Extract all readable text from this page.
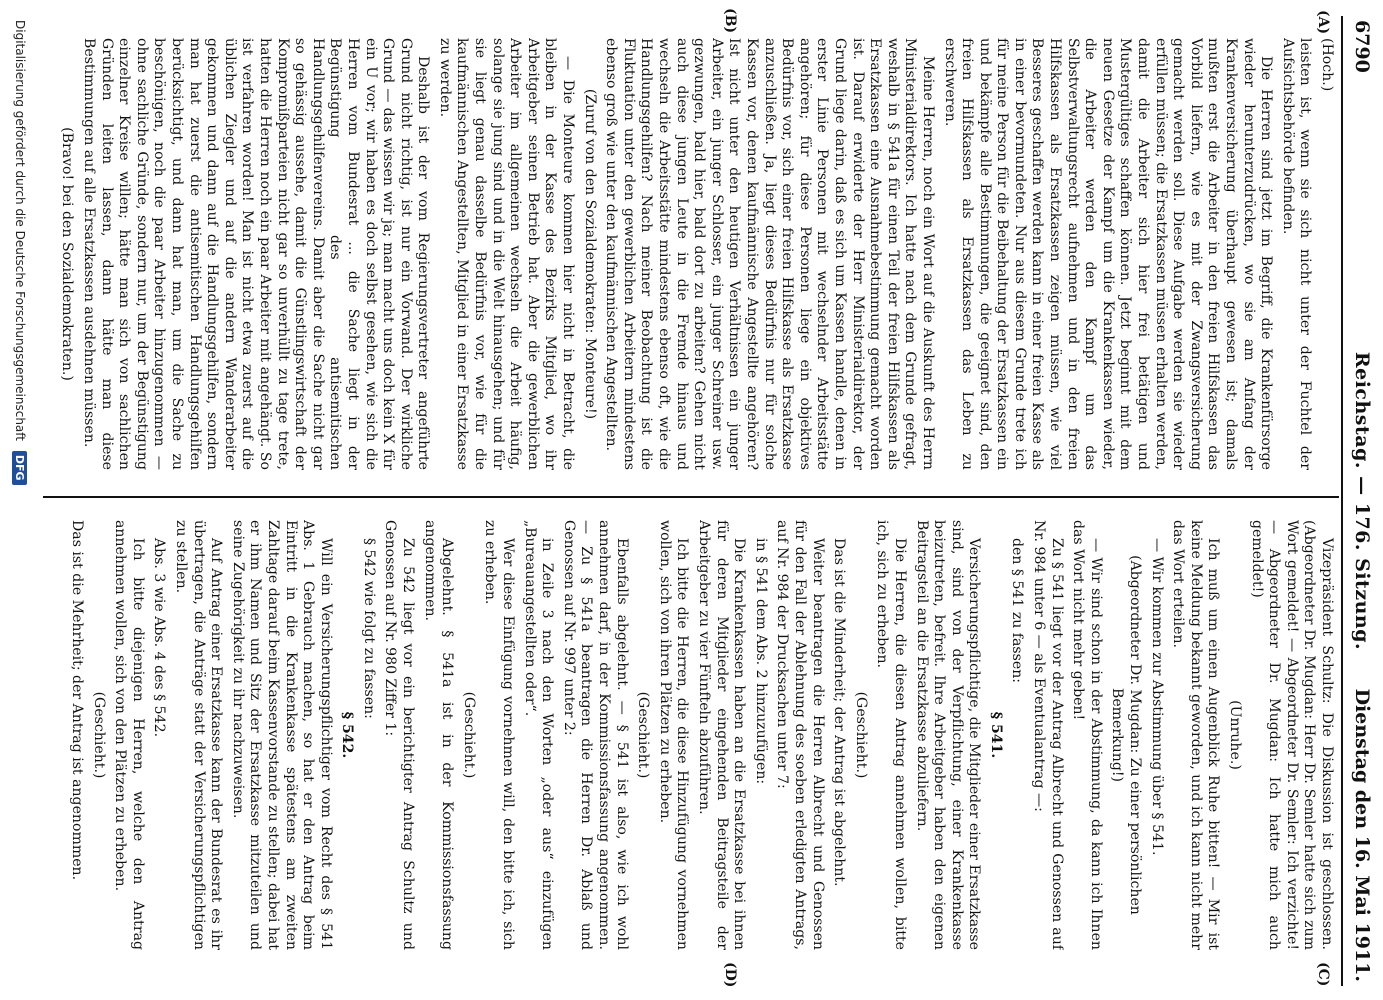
6790
Reichstag. — 176. Sitzung.
Dienstag den 16. Mai 1911.
(A)
(B)
(C)
(D)

(Hoch.)

leisten ist, wenn sie sich nicht unter der Fuchtel der Aufsichtsbehörde befinden.

Die Herren sind jetzt im Begriff, die Krankenfürsorge wieder herunterzudrücken, wo sie am Anfang der Krankenversicherung überhaupt gewesen ist; damals mußten erst die Arbeiter in den freien Hilfskassen das Vorbild liefern, wie es mit der Zwangsversicherung gemacht werden soll. Diese Aufgabe werden sie wieder erfüllen müssen; die Ersatzkassen müssen erhalten werden, damit die Arbeiter sich hier frei betätigen und Mustergültiges schaffen können. Jetzt beginnt mit dem neuen Gesetze der Kampf um die Krankenkassen wieder, die Arbeiter werden den Kampf um das Selbstverwaltungsrecht aufnehmen und in den freien Hilfskassen als Ersatzkassen zeigen müssen, wie viel Besseres geschaffen werden kann in einer freien Kasse als in einer bevormundeten. Nur aus diesem Grunde trete ich für meine Person für die Beibehaltung der Ersatzkassen ein und bekämpfe alle Bestimmungen, die geeignet sind, den freien Hilfskassen als Ersatzkassen das Leben zu erschweren.

Meine Herren, noch ein Wort auf die Auskunft des Herrn Ministerialdirektors. Ich hatte nach dem Grunde gefragt, weshalb in § 541a für einen Teil der freien Hilfskassen als Ersatzkassen eine Ausnahmebestimmung gemacht worden ist. Darauf erwiderte der Herr Ministerialdirektor, der Grund liege darin, daß es sich um Kassen handle, denen in erster Linie Personen mit wechselnder Arbeitsstätte angehören; für diese Personen liege ein objektives Bedürfnis vor, sich einer freien Hilfskasse als Ersatzkasse anzuschließen. Ja, liegt dieses Bedürfnis nur für solche Kassen vor, denen kaufmännische Angestellte angehören? Ist nicht unter den heutigen Verhältnissen ein junger Arbeiter, ein junger Schlosser, ein junger Schreiner usw. gezwungen, bald hier, bald dort zu arbeiten? Gehen nicht auch diese jungen Leute in die Fremde hinaus und wechseln die Arbeitsstätte mindestens ebenso oft, wie die Handlungsgehilfen? Nach meiner Beobachtung ist die Fluktuation unter den gewerblichen Arbeitern mindestens ebenso groß wie unter den kaufmännischen Angestellten.

(Zuruf von den Sozialdemokraten: Monteure!)

— Die Monteure kommen hier nicht in Betracht, die bleiben in der Kasse des Bezirks Mitglied, wo ihr Arbeitgeber seinen Betrieb hat. Aber die gewerblichen Arbeiter im allgemeinen wechseln die Arbeit häufig, solange sie jung sind und in die Welt hinausgehen; und für sie liegt genau dasselbe Bedürfnis vor, wie für die kaufmännischen Angestellten, Mitglied in einer Ersatzkasse zu werden.

Deshalb ist der vom Regierungsvertreter angeführte Grund nicht richtig, ist nur ein Vorwand. Der wirkliche Grund — das wissen wir ja; man macht uns doch kein X für ein U vor; wir haben es doch selbst gesehen, wie sich die Herren vom Bundesrat ... die Sache liegt in der Begünstigung des antisemitischen Handlungsgehilfenvereins. Damit aber die Sache nicht gar so gehässig aussehe, damit die Günstlingswirtschaft der Kompromißparteien nicht gar so unverhüllt zu tage trete, hatten die Herren noch ein paar Arbeiter mit angehängt. So ist verfahren worden! Man ist nicht etwa zuerst auf die üblichen Ziegler und auf die andern Wanderarbeiter gekommen und dann auf die Handlungsgehilfen, sondern man hat zuerst die antisemitischen Handlungsgehilfen berücksichtigt, und dann hat man, um die Sache zu beschönigen, noch die paar Arbeiter hinzugenommen — ohne sachliche Gründe, sondern nur, um der Begünstigung einzelner Kreise willen; hätte man sich von sachlichen Gründen leiten lassen, dann hätte man diese Bestimmungen auf alle Ersatzkassen ausdehnen müssen.

(Bravo! bei den Sozialdemokraten.)

Vizepräsident Schultz: Die Diskussion ist geschlossen. (Abgeordneter Dr. Mugdan: Herr Dr. Semler hatte sich zum Wort gemeldet! — Abgeordneter Dr. Semler: Ich verzichte! — Abgeordneter Dr. Mugdan: Ich hatte mich auch gemeldet!)

(Unruhe.)

Ich muß um einen Augenblick Ruhe bitten! — Mir ist keine Meldung bekannt geworden, und ich kann nicht mehr das Wort erteilen.

— Wir kommen zur Abstimmung über § 541.

(Abgeordneter Dr. Mugdan: Zu einer persönlichen Bemerkung!)

— Wir sind schon in der Abstimmung, da kann ich Ihnen das Wort nicht mehr geben!

Zu § 541 liegt vor der Antrag Albrecht und Genossen auf Nr. 984 unter 6 — als Eventualantrag —:

den § 541 zu fassen:

§ 541.

Versicherungspflichtige, die Mitglieder einer Ersatzkasse sind, sind von der Verpflichtung, einer Krankenkasse beizutreten, befreit. Ihre Arbeitgeber haben den eigenen Beitragsteil an die Ersatzkasse abzuliefern.

Die Herren, die diesen Antrag annehmen wollen, bitte ich, sich zu erheben.

(Geschieht.)

Das ist die Minderheit; der Antrag ist abgelehnt.

Weiter beantragen die Herren Albrecht und Genossen für den Fall der Ablehnung des soeben erledigten Antrags, auf Nr. 984 der Drucksachen unter 7:

in § 541 dem Abs. 2 hinzuzufügen:

Die Krankenkassen haben an die Ersatzkasse bei ihnen für deren Mitglieder eingehenden Beitragsteile der Arbeitgeber zu vier Fünfteln abzuführen.

Ich bitte die Herren, die diese Hinzufügung vornehmen wollen, sich von ihren Plätzen zu erheben.

(Geschieht.)

Ebenfalls abgelehnt. — § 541 ist also, wie ich wohl annehmen darf, in der Kommissionsfassung angenommen. — Zu § 541a beantragen die Herren Dr. Ablaß und Genossen auf Nr. 997 unter 2:

in Zeile 3 nach den Worten „oder aus“ einzufügen „Bureauangestellten oder“.

Wer diese Einfügung vornehmen will, den bitte ich, sich zu erheben.

(Geschieht.)

Abgelehnt. § 541a ist in der Kommissionsfassung angenommen.

Zu 542 liegt vor ein berichtigter Antrag Schultz und Genossen auf Nr. 980 Ziffer 1:

§ 542 wie folgt zu fassen:

§ 542.

Will ein Versicherungspflichtiger vom Recht des § 541 Abs. 1 Gebrauch machen, so hat er den Antrag beim Eintritt in die Krankenkasse spätestens am zweiten Zahltage darauf beim Kassenvorstande zu stellen; dabei hat er ihm Namen und Sitz der Ersatzkasse mitzuteilen und seine Zugehörigkeit zu ihr nachzuweisen.

Auf Antrag einer Ersatzkasse kann der Bundesrat es ihr übertragen, die Anträge statt der Versicherungspflichtigen zu stellen.

Abs. 3 wie Abs. 4 des § 542.

Ich bitte diejenigen Herren, welche den Antrag annehmen wollen, sich von den Plätzen zu erheben.

(Geschieht.)

Das ist die Mehrheit; der Antrag ist angenommen.

Digitalisierung gefördert durch die Deutsche Forschungsgemeinschaft DFG
